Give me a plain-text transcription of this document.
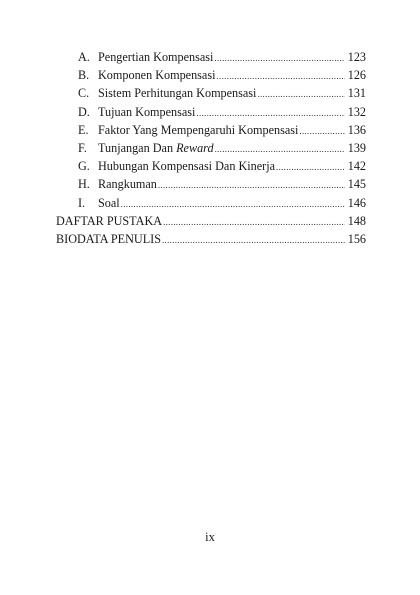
A. Pengertian Kompensasi .....	123
B. Komponen Kompensasi .....	126
C. Sistem Perhitungan Kompensasi .....	131
D. Tujuan Kompensasi .....	132
E. Faktor Yang Mempengaruhi Kompensasi .....	136
F. Tunjangan Dan Reward .....	139
G. Hubungan Kompensasi Dan Kinerja .....	142
H. Rangkuman .....	145
I.	Soal .....	146
DAFTAR PUSTAKA .....	148
BIODATA PENULIS .....	156
ix
